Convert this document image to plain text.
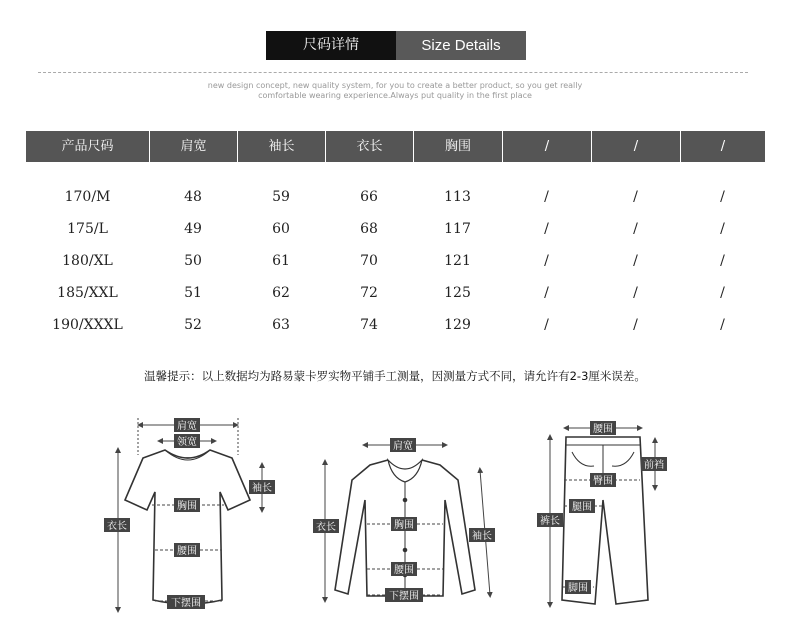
尺码详情	Size Details
new design concept, new quality system, for you to create a better product, so you get really
comfortable wearing experience.Always put quality in the first place
产品尺码	肩宽	袖长	衣长	胸围	/	/	/
170/M	48	59	66	113	/	/	/
175/L	49	60	68	117	/	/	/
180/XL	50	61	70	121	/	/	/
185/XXL	51	62	72	125	/	/	/
190/XXXL	52	63	74	129	/	/	/
温馨提示：以上数据均为路易蒙卡罗实物平铺手工测量，因测量方式不同，请允许有2-3厘米误差。
肩宽
领宽
胸围
腰围
下摆围
衣长
袖长
肩宽
胸围
腰围
下摆围
衣长
袖长
腰围
前裆
臀围
腿围
裤长
脚围
